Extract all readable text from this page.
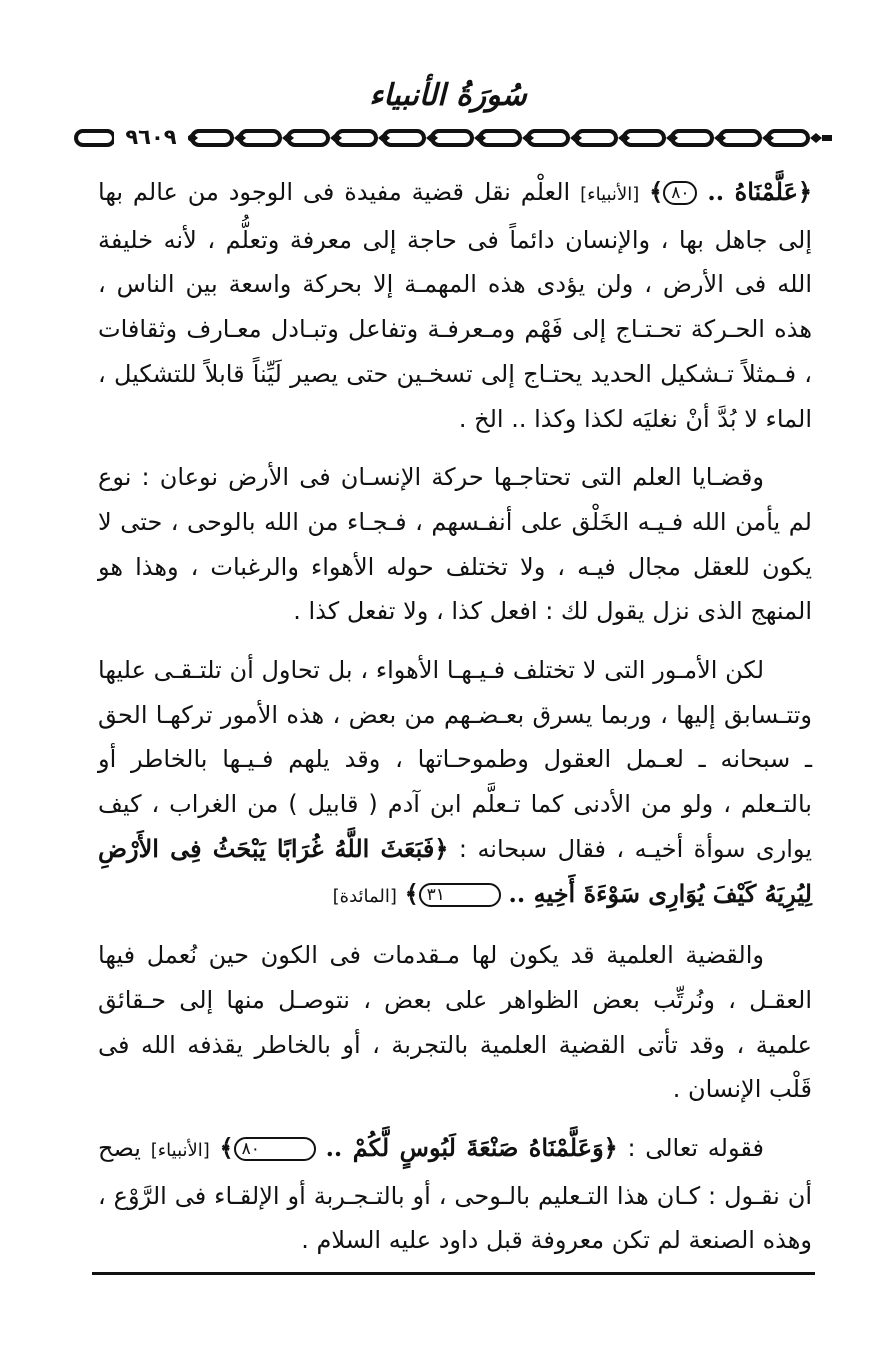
سُورَةُ الأنبياء
٩٦٠٩

﴿عَلَّمْنَاهُ .. ٨٠﴾ [الأنبياء] العلْم نقل قضية مفيدة فى الوجود من عالم بها إلى جاهل بها ، والإنسان دائماً فى حاجة إلى معرفة وتعلُّم ، لأنه خليفة الله فى الأرض ، ولن يؤدى هذه المهمـة إلا بحركة واسعة بين الناس ، هذه الحـركة تحـتـاج إلى فَهْم ومـعرفـة وتفاعل وتبـادل معـارف وثقافات ، فـمثلاً تـشكيل الحديد يحتـاج إلى تسخـين حتى يصير لَيِّناً قابلاً للتشكيل ، الماء لا بُدَّ أنْ نغليَه لكذا وكذا .. الخ .

وقضـايا العلم التى تحتاجـها حركة الإنسـان فى الأرض نوعان : نوع لم يأمن الله فـيـه الخَلْق على أنفـسهم ، فـجـاء من الله بالوحى ، حتى لا يكون للعقل مجال فيـه ، ولا تختلف حوله الأهواء والرغبات ، وهذا هو المنهج الذى نزل يقول لك : افعل كذا ، ولا تفعل كذا .

لكن الأمـور التى لا تختلف فـيـهـا الأهواء ، بل تحاول أن تلتـقـى عليها وتتـسابق إليها ، وربما يسرق بعـضـهم من بعض ، هذه الأمور تركهـا الحق ـ سبحانه ـ لعـمل العقول وطموحـاتها ، وقد يلهم فـيـها بالخاطر أو بالتـعلم ، ولو من الأدنى كما تـعلَّم ابن آدم ( قابيل ) من الغراب ، كيف يوارى سوأة أخيـه ، فقال سبحانه : ﴿فَبَعَثَ اللَّهُ غُرَابًا يَبْحَثُ فِى الأَرْضِ لِيُرِيَهُ كَيْفَ يُوَارِى سَوْءَةَ أَخِيهِ .. ٣١﴾ [المائدة]

والقضية العلمية قد يكون لها مـقدمات فى الكون حين نُعمل فيها العقـل ، ونُرتِّب بعض الظواهر على بعض ، نتوصـل منها إلى حـقائق علمية ، وقد تأتى القضية العلمية بالتجربة ، أو بالخاطر يقذفه الله فى قَلْب الإنسان .

فقوله تعالى : ﴿وَعَلَّمْنَاهُ صَنْعَةَ لَبُوسٍ لَّكُمْ .. ٨٠﴾ [الأنبياء] يصح أن نقـول : كـان هذا التـعليم بالـوحى ، أو بالتـجـربة أو الإلقـاء فى الرَّوْع ، وهذه الصنعة لم تكن معروفة قبل داود عليه السلام .
